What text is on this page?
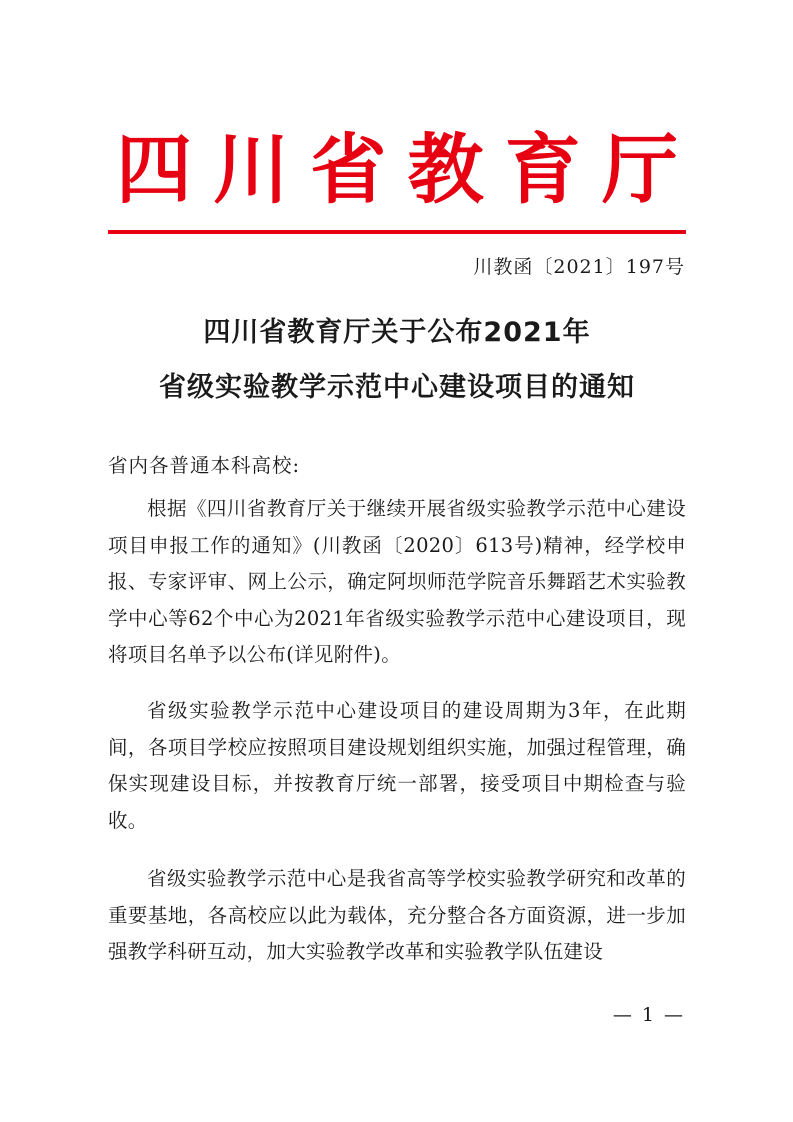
四 川 省 教 育 厅
川教函〔2021〕197号
四川省教育厅关于公布2021年
省级实验教学示范中心建设项目的通知
省内各普通本科高校:

根据《四川省教育厅关于继续开展省级实验教学示范中心建设项目申报工作的通知》(川教函〔2020〕613号)精神，经学校申报、专家评审、网上公示，确定阿坝师范学院音乐舞蹈艺术实验教学中心等62个中心为2021年省级实验教学示范中心建设项目，现将项目名单予以公布(详见附件)。

省级实验教学示范中心建设项目的建设周期为3年，在此期间，各项目学校应按照项目建设规划组织实施，加强过程管理，确保实现建设目标，并按教育厅统一部署，接受项目中期检查与验收。

省级实验教学示范中心是我省高等学校实验教学研究和改革的重要基地，各高校应以此为载体，充分整合各方面资源，进一步加强教学科研互动，加大实验教学改革和实验教学队伍建设

— 1 —
